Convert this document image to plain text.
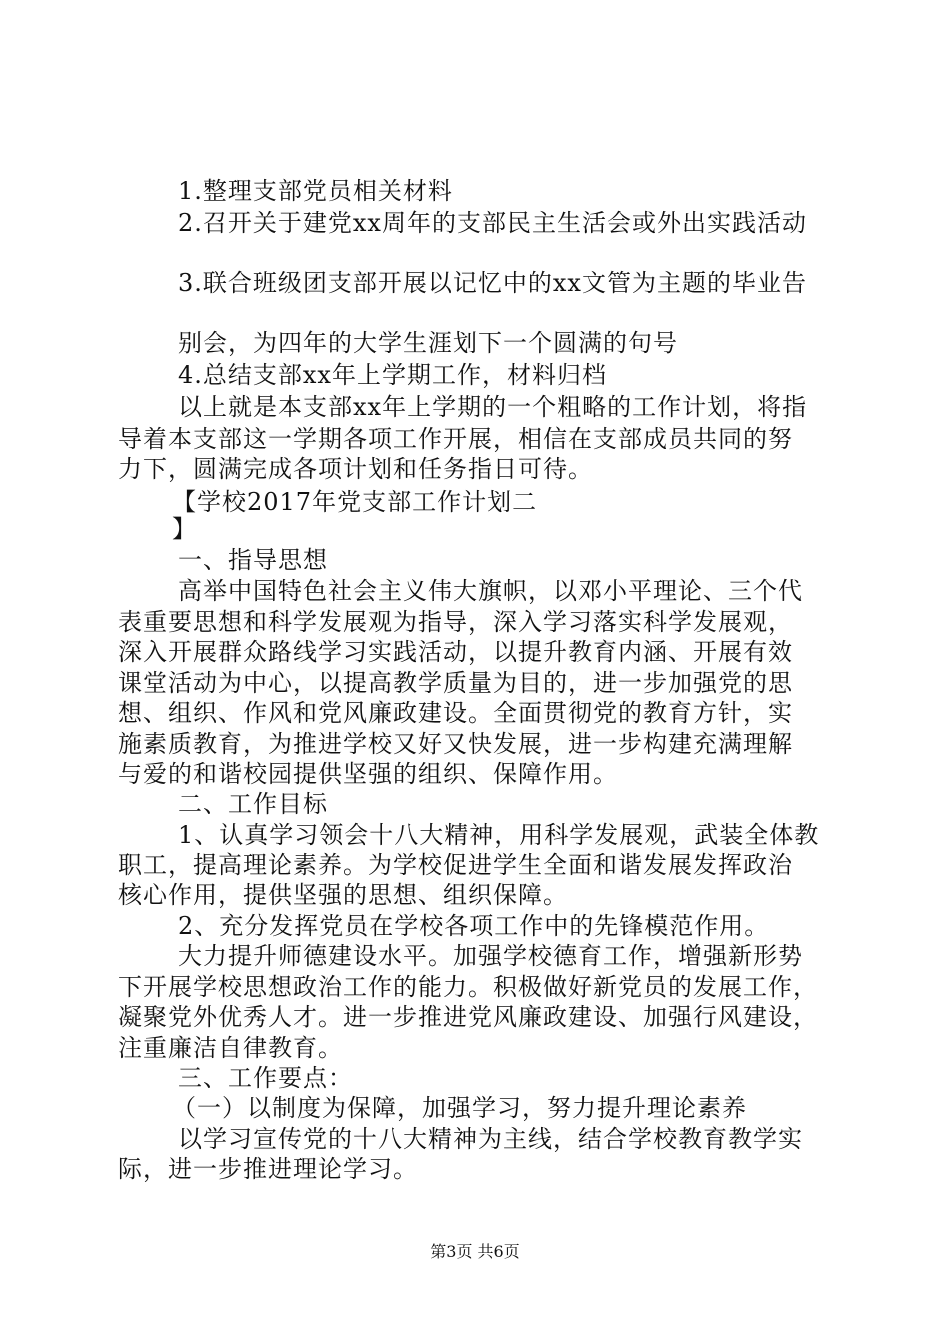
1.整理支部党员相关材料
2.召开关于建党xx周年的支部民主生活会或外出实践活动
3.联合班级团支部开展以记忆中的xx文管为主题的毕业告
别会，为四年的大学生涯划下一个圆满的句号
4.总结支部xx年上学期工作，材料归档
以上就是本支部xx年上学期的一个粗略的工作计划，将指
导着本支部这一学期各项工作开展，相信在支部成员共同的努
力下，圆满完成各项计划和任务指日可待。
【学校2017年党支部工作计划二
】
一、指导思想
高举中国特色社会主义伟大旗帜，以邓小平理论、三个代
表重要思想和科学发展观为指导，深入学习落实科学发展观，
深入开展群众路线学习实践活动，以提升教育内涵、开展有效
课堂活动为中心，以提高教学质量为目的，进一步加强党的思
想、组织、作风和党风廉政建设。全面贯彻党的教育方针，实
施素质教育，为推进学校又好又快发展，进一步构建充满理解
与爱的和谐校园提供坚强的组织、保障作用。
二、工作目标
1、认真学习领会十八大精神，用科学发展观，武装全体教
职工，提高理论素养。为学校促进学生全面和谐发展发挥政治
核心作用，提供坚强的思想、组织保障。
2、充分发挥党员在学校各项工作中的先锋模范作用。
大力提升师德建设水平。加强学校德育工作，增强新形势
下开展学校思想政治工作的能力。积极做好新党员的发展工作，
凝聚党外优秀人才。进一步推进党风廉政建设、加强行风建设，
注重廉洁自律教育。
三、工作要点：
（一）以制度为保障，加强学习，努力提升理论素养
以学习宣传党的十八大精神为主线，结合学校教育教学实
际，进一步推进理论学习。
第3页 共6页
